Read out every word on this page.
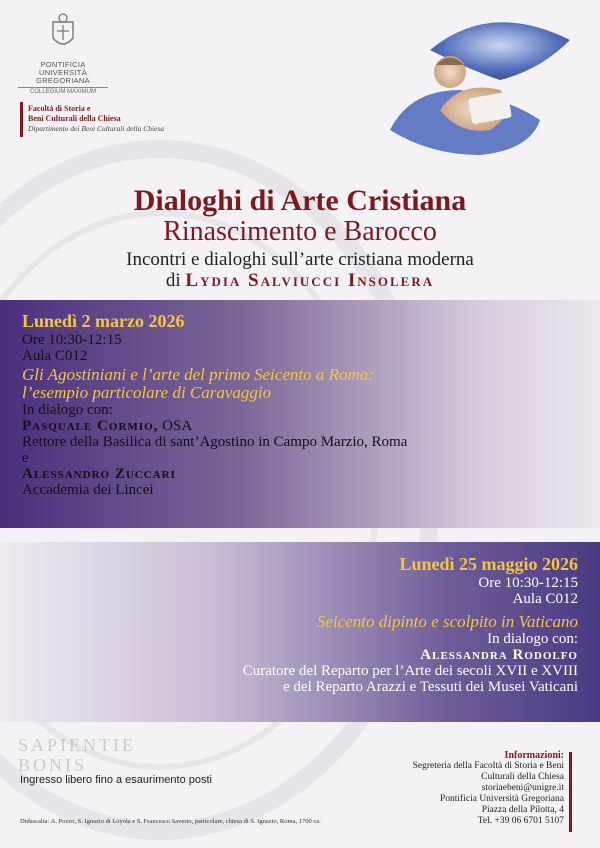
SAPIENTIE
BONIS
PONTIFICIA
UNIVERSITÀ
GREGORIANA
COLLEGIUM MAXIMUM
Facoltà di Storia e
Beni Culturali della Chiesa
Dipartimento dei Beni Culturali della Chiesa
Dialoghi di Arte Cristiana
Rinascimento e Barocco
Incontri e dialoghi sull’arte cristiana moderna
di Lydia Salviucci Insolera
Lunedì 2 marzo 2026
Ore 10:30-12:15
Aula C012
Gli Agostiniani e l’arte del primo Seicento a Roma:
l’esempio particolare di Caravaggio
In dialogo con:
Pasquale Cormio, OSA
Rettore della Basilica di sant’Agostino in Campo Marzio, Roma
e
Alessandro Zuccari
Accademia dei Lincei
Lunedì 25 maggio 2026
Ore 10:30-12:15
Aula C012
Seicento dipinto e scolpito in Vaticano
In dialogo con:
Alessandra Rodolfo
Curatore del Reparto per l’Arte dei secoli XVII e XVIII
e del Reparto Arazzi e Tessuti dei Musei Vaticani
Ingresso libero fino a esaurimento posti
Didascalia: A. Pozzo, S. Ignazio di Loyola e S. Francesco Saverio, particolare, chiesa di S. Ignazio, Roma, 1700 ca.
Informazioni:
Segreteria della Facoltà di Storia e Beni
Culturali della Chiesa
storiaebeni@unigre.it
Pontificia Università Gregoriana
Piazza della Pilotta, 4
Tel. +39 06 6701 5107
